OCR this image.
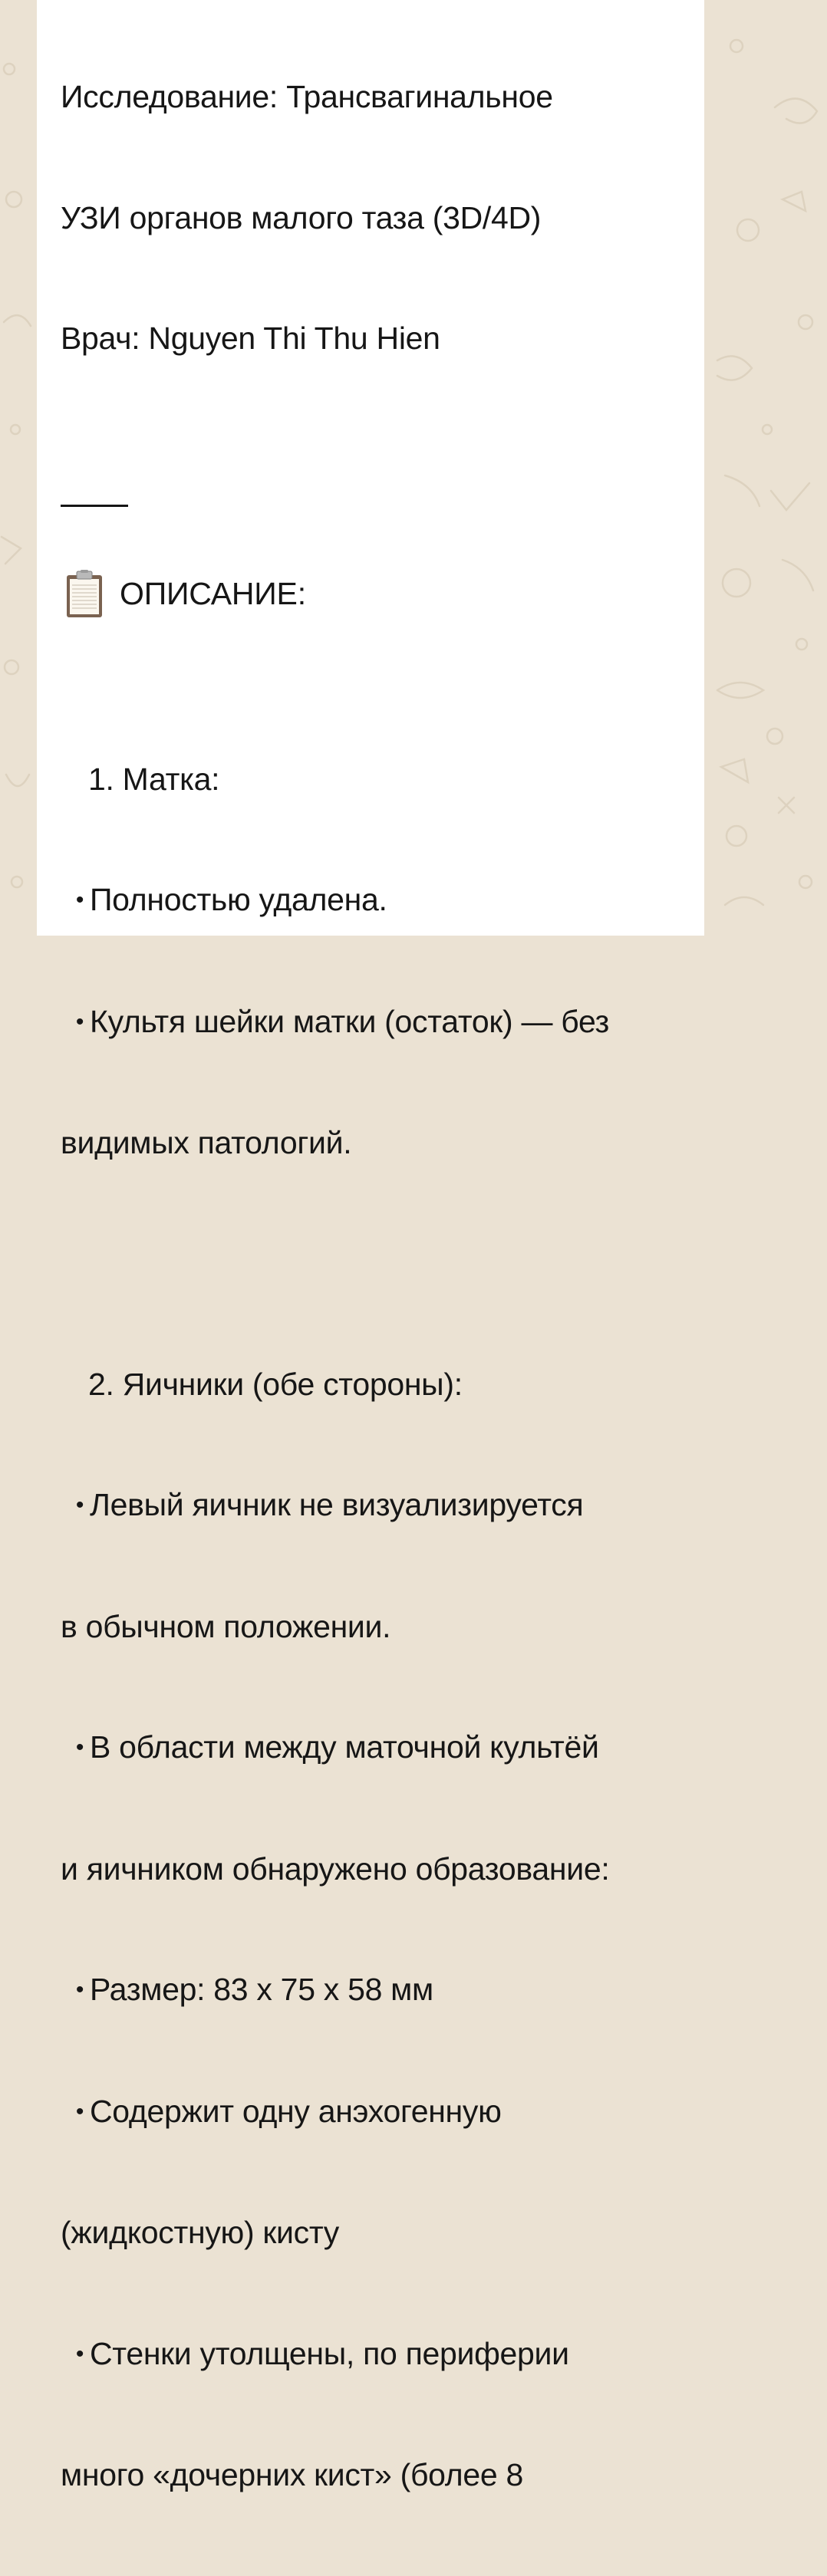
Исследование: Трансвагинальное

УЗИ органов малого таза (3D/4D)

Врач: Nguyen Thi Thu Hien

ОПИСАНИЕ:

1. Матка:

• Полностью удалена.

• Культя шейки матки (остаток) — без

видимых патологий.

2. Яичники (обе стороны):

• Левый яичник не визуализируется

в обычном положении.

• В области между маточной культёй

и яичником обнаружено образование:

• Размер: 83 x 75 x 58 мм

• Содержит одну анэхогенную

(жидкостную) кисту

• Стенки утолщены, по периферии

много «дочерних кист» (более 8
